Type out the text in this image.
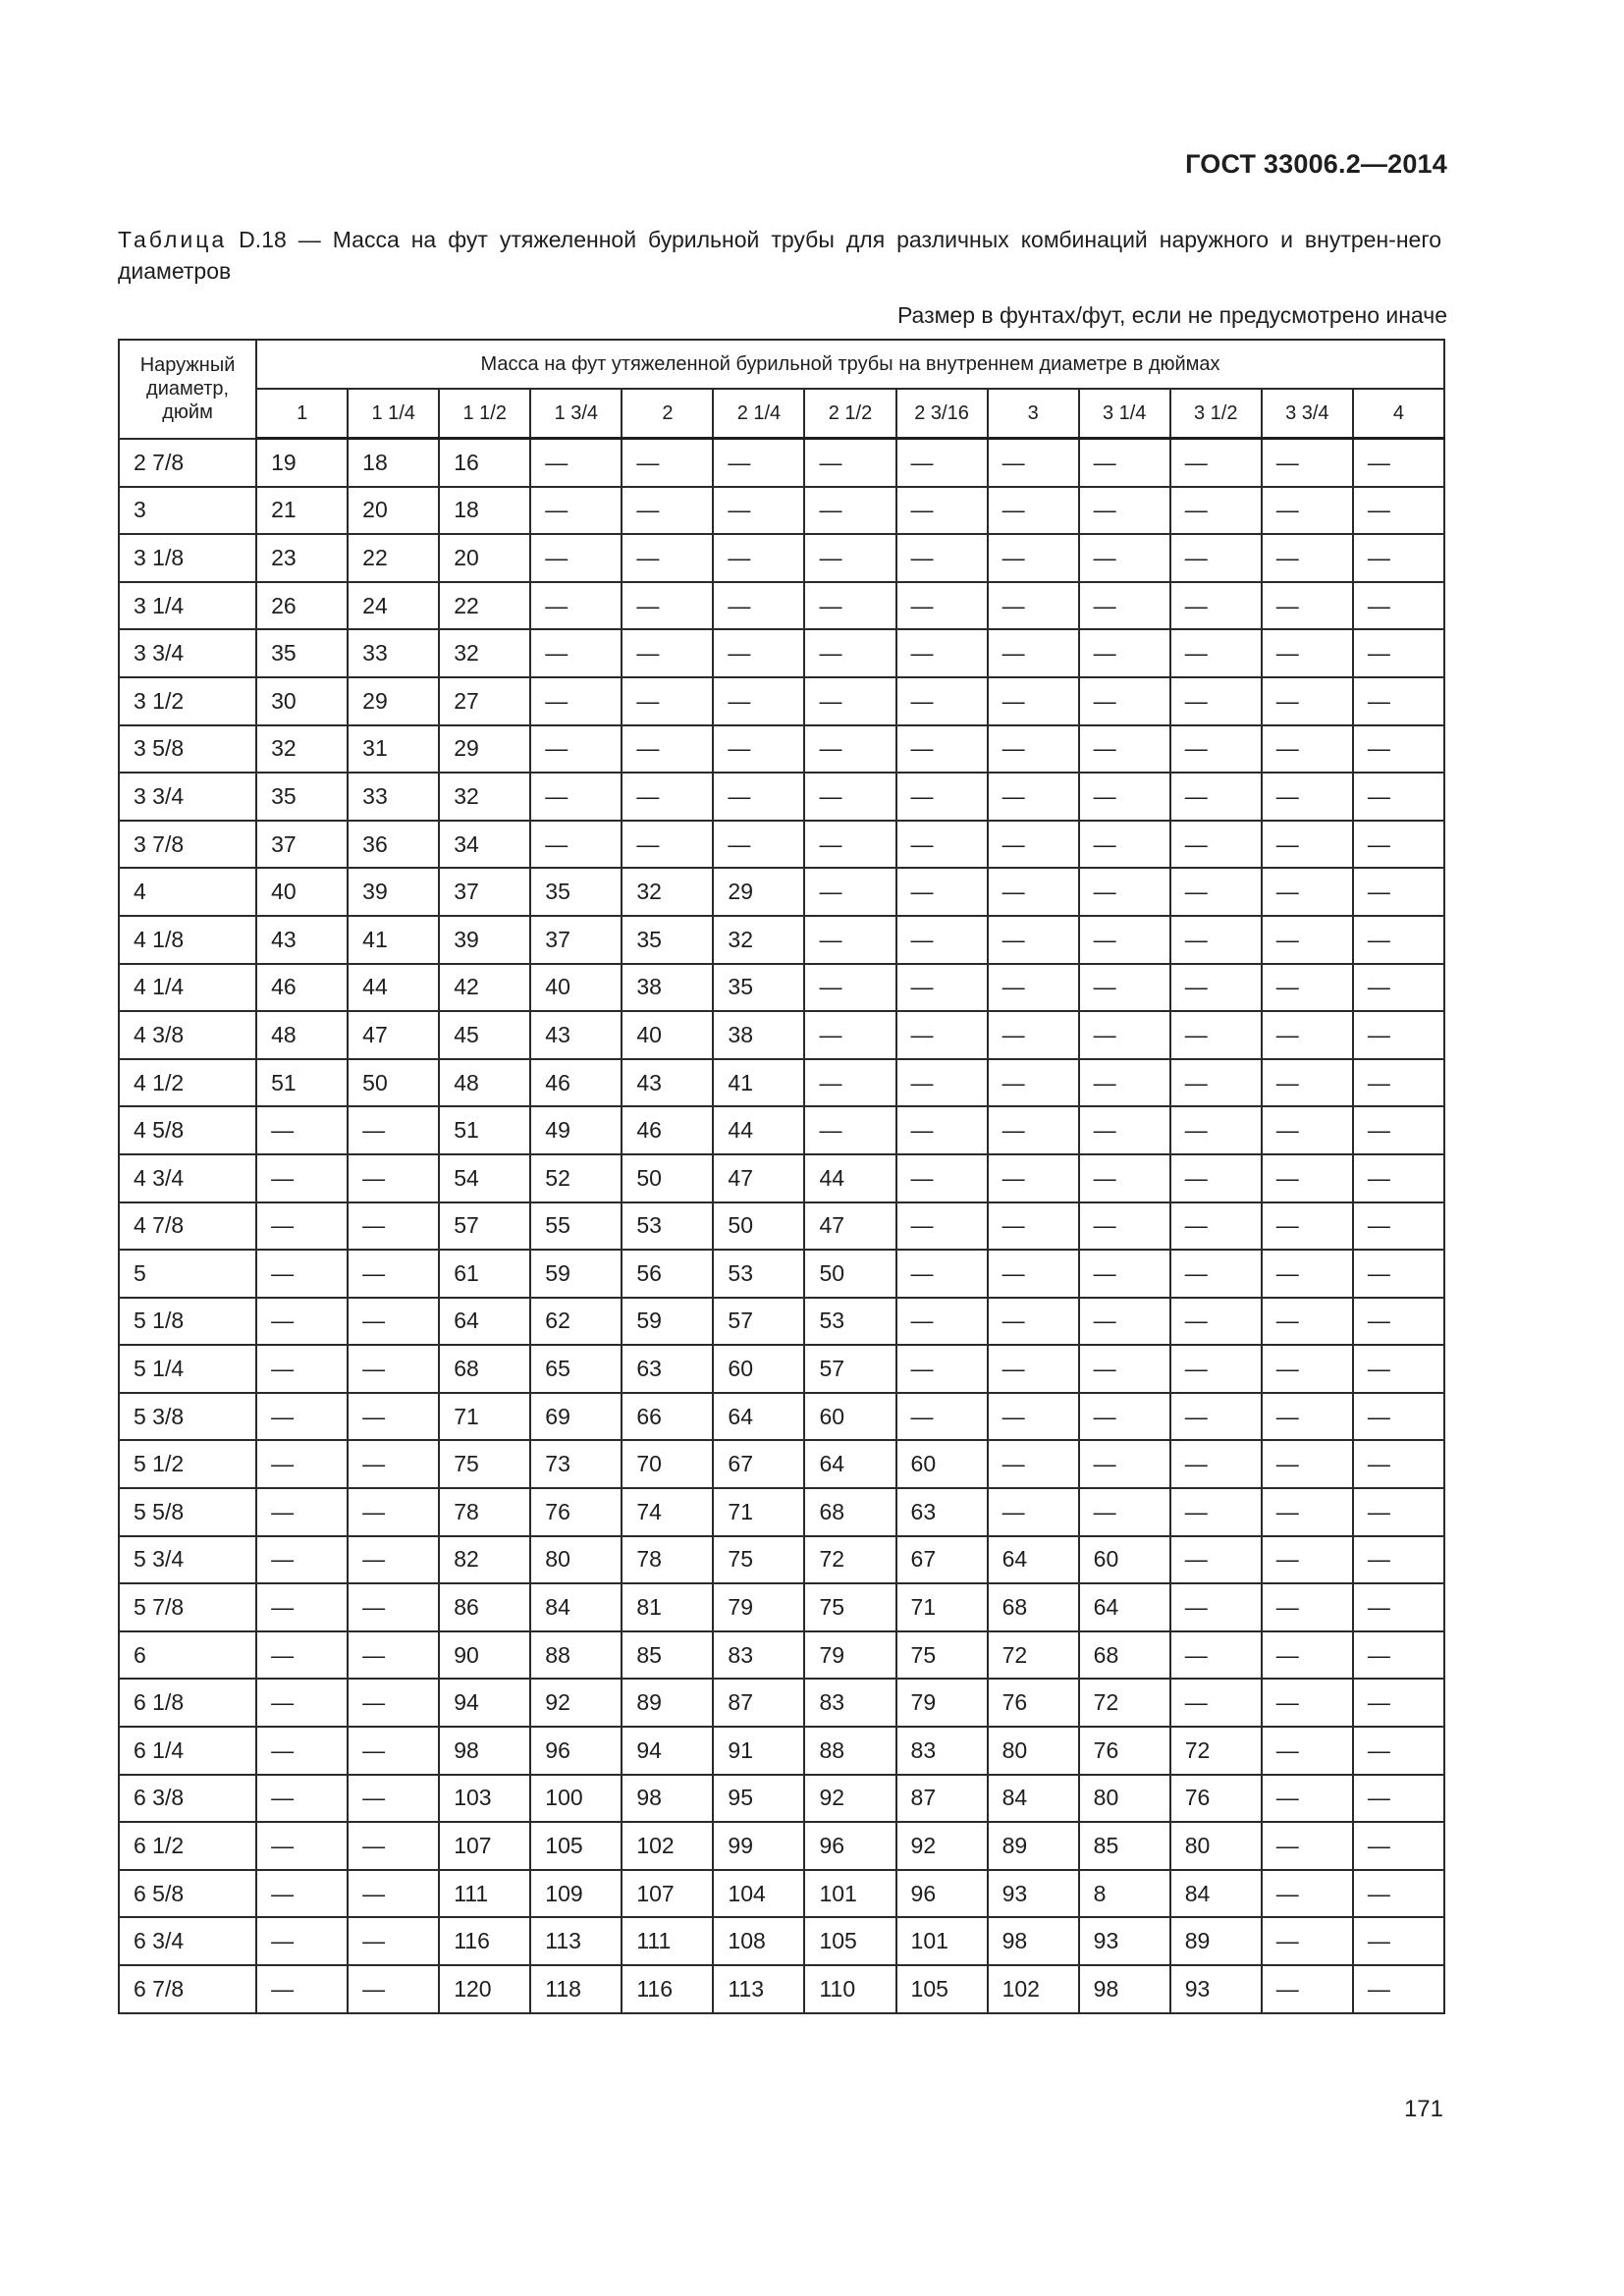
ГОСТ 33006.2—2014
Таблица D.18 — Масса на фут утяжеленной бурильной трубы для различных комбинаций наружного и внутрен-него диаметров
Размер в фунтах/фут, если не предусмотрено иначе
Наружный диаметр, дюйм	Масса на фут утяжеленной бурильной трубы на внутреннем диаметре в дюймах												
	1	1 1/4	1 1/2	1 3/4	2	2 1/4	2 1/2	2 3/16	3	3 1/4	3 1/2	3 3/4	4
2 7/8	19	18	16	—	—	—	—	—	—	—	—	—	—
3	21	20	18	—	—	—	—	—	—	—	—	—	—
3 1/8	23	22	20	—	—	—	—	—	—	—	—	—	—
3 1/4	26	24	22	—	—	—	—	—	—	—	—	—	—
3 3/4	35	33	32	—	—	—	—	—	—	—	—	—	—
3 1/2	30	29	27	—	—	—	—	—	—	—	—	—	—
3 5/8	32	31	29	—	—	—	—	—	—	—	—	—	—
3 3/4	35	33	32	—	—	—	—	—	—	—	—	—	—
3 7/8	37	36	34	—	—	—	—	—	—	—	—	—	—
4	40	39	37	35	32	29	—	—	—	—	—	—	—
4 1/8	43	41	39	37	35	32	—	—	—	—	—	—	—
4 1/4	46	44	42	40	38	35	—	—	—	—	—	—	—
4 3/8	48	47	45	43	40	38	—	—	—	—	—	—	—
4 1/2	51	50	48	46	43	41	—	—	—	—	—	—	—
4 5/8	—	—	51	49	46	44	—	—	—	—	—	—	—
4 3/4	—	—	54	52	50	47	44	—	—	—	—	—	—
4 7/8	—	—	57	55	53	50	47	—	—	—	—	—	—
5	—	—	61	59	56	53	50	—	—	—	—	—	—
5 1/8	—	—	64	62	59	57	53	—	—	—	—	—	—
5 1/4	—	—	68	65	63	60	57	—	—	—	—	—	—
5 3/8	—	—	71	69	66	64	60	—	—	—	—	—	—
5 1/2	—	—	75	73	70	67	64	60	—	—	—	—	—
5 5/8	—	—	78	76	74	71	68	63	—	—	—	—	—
5 3/4	—	—	82	80	78	75	72	67	64	60	—	—	—
5 7/8	—	—	86	84	81	79	75	71	68	64	—	—	—
6	—	—	90	88	85	83	79	75	72	68	—	—	—
6 1/8	—	—	94	92	89	87	83	79	76	72	—	—	—
6 1/4	—	—	98	96	94	91	88	83	80	76	72	—	—
6 3/8	—	—	103	100	98	95	92	87	84	80	76	—	—
6 1/2	—	—	107	105	102	99	96	92	89	85	80	—	—
6 5/8	—	—	111	109	107	104	101	96	93	8	84	—	—
6 3/4	—	—	116	113	111	108	105	101	98	93	89	—	—
6 7/8	—	—	120	118	116	113	110	105	102	98	93	—	—
171
